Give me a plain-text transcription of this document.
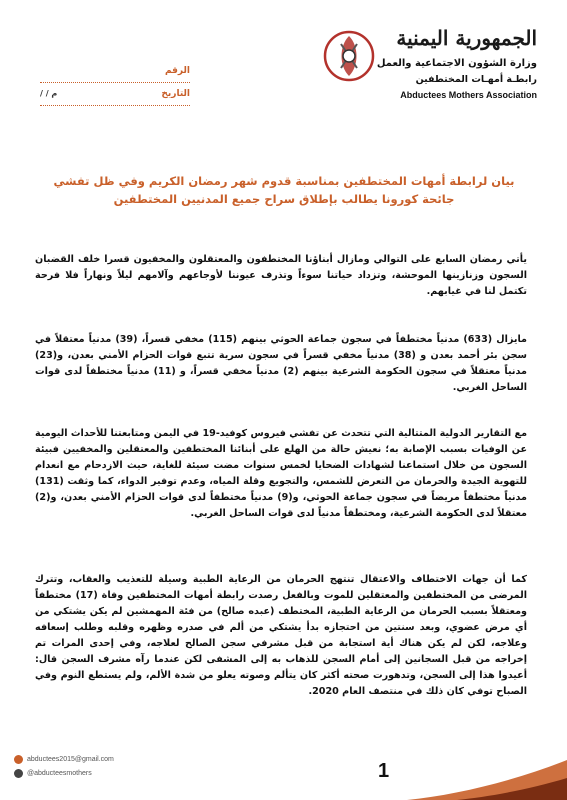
الجمهورية اليمنية
وزارة الشؤون الاجتماعية والعمل
رابطـة أمهـات المختطفين
Abductees Mothers Association
الرقم
التاريخ
/ / م
بيان لرابطة أمهات المختطفين بمناسبة قدوم شهر رمضان الكريم وفي ظل تفشي جائحة كورونا يطالب بإطلاق سراح جميع المدنيين المختطفين

يأتي رمضان السابع على التوالي ومازال أبناؤنا المختطفون والمعتقلون والمخفيون قسرا خلف القضبان السجون وزنازينها الموحشة، وتزداد حياتنا سوءاً وتذرف عيوننا لأوجاعهم وآلامهم ليلاً ونهاراً فلا فرحة تكتمل لنا في غيابهم.

مايزال (633) مدنياً مختطفاً في سجون جماعة الحوثي بينهم (115) مخفي قسراً، (39) مدنياً معتقلاً في سجن بئر أحمد بعدن و (38) مدنياً مخفي قسراً في سجون سرية تتبع قوات الحزام الأمني بعدن، و(23) مدنياً معتقلاً في سجون الحكومة الشرعية بينهم (2) مدنياً مخفي قسراً، و (11) مدنياً مختطفاً لدى قوات الساحل الغربي.

مع التقارير الدولية المتتالية التي تتحدث عن تفشي فيروس كوفيد-19 في اليمن ومتابعتنا للأحداث اليومية عن الوفيات بسبب الإصابة به؛ نعيش حالة من الهلع على أبنائنا المختطفين والمعتقلين والمخفيين فبيئة السجون من خلال استماعنا لشهادات الضحايا لخمس سنوات مضت سيئة للغاية، حيث الازدحام مع انعدام للتهوية الجيدة والحرمان من التعرض للشمس، والتجويع وقلة المياه، وعدم توفير الدواء، كما وثقت (131) مدنياً مختطفاً مريضاً في سجون جماعة الحوثي، و(9) مدنياً مختطفاً لدى قوات الحزام الأمني بعدن، و(2) معتقلاً لدى الحكومة الشرعية، ومختطفاً مدنياً لدى قوات الساحل الغربي.

كما أن جهات الاختطاف والاعتقال تنتهج الحرمان من الرعاية الطبية وسيلة للتعذيب والعقاب، وتترك المرضى من المختطفين والمعتقلين للموت وبالفعل رصدت رابطة أمهات المختطفين وفاة (17) مختطفاً ومعتقلاً بسبب الحرمان من الرعاية الطبية، المختطف (عبده صالح) من فئة المهمشين لم يكن يشتكي من أي مرض عضوي، وبعد سنتين من احتجازه بدأ يشتكي من ألم في صدره وظهره وقلبه وطلب إسعافه وعلاجه، لكن لم يكن هناك أية استجابة من قبل مشرفي سجن الصالح لعلاجه، وفي إحدى المرات تم إخراجه من قبل السجانين إلى أمام السجن للذهاب به إلى المشفى لكن عندما رآه مشرف السجن قال: أعيدوا هذا إلى السجن، وتدهورت صحته أكثر كان يتألم وصوته يعلو من شدة الألم، ولم يستطع النوم وفي الصباح توفي كان ذلك في منتصف العام 2020.

abductees2015@gmail.com
@abducteesmothers	1
